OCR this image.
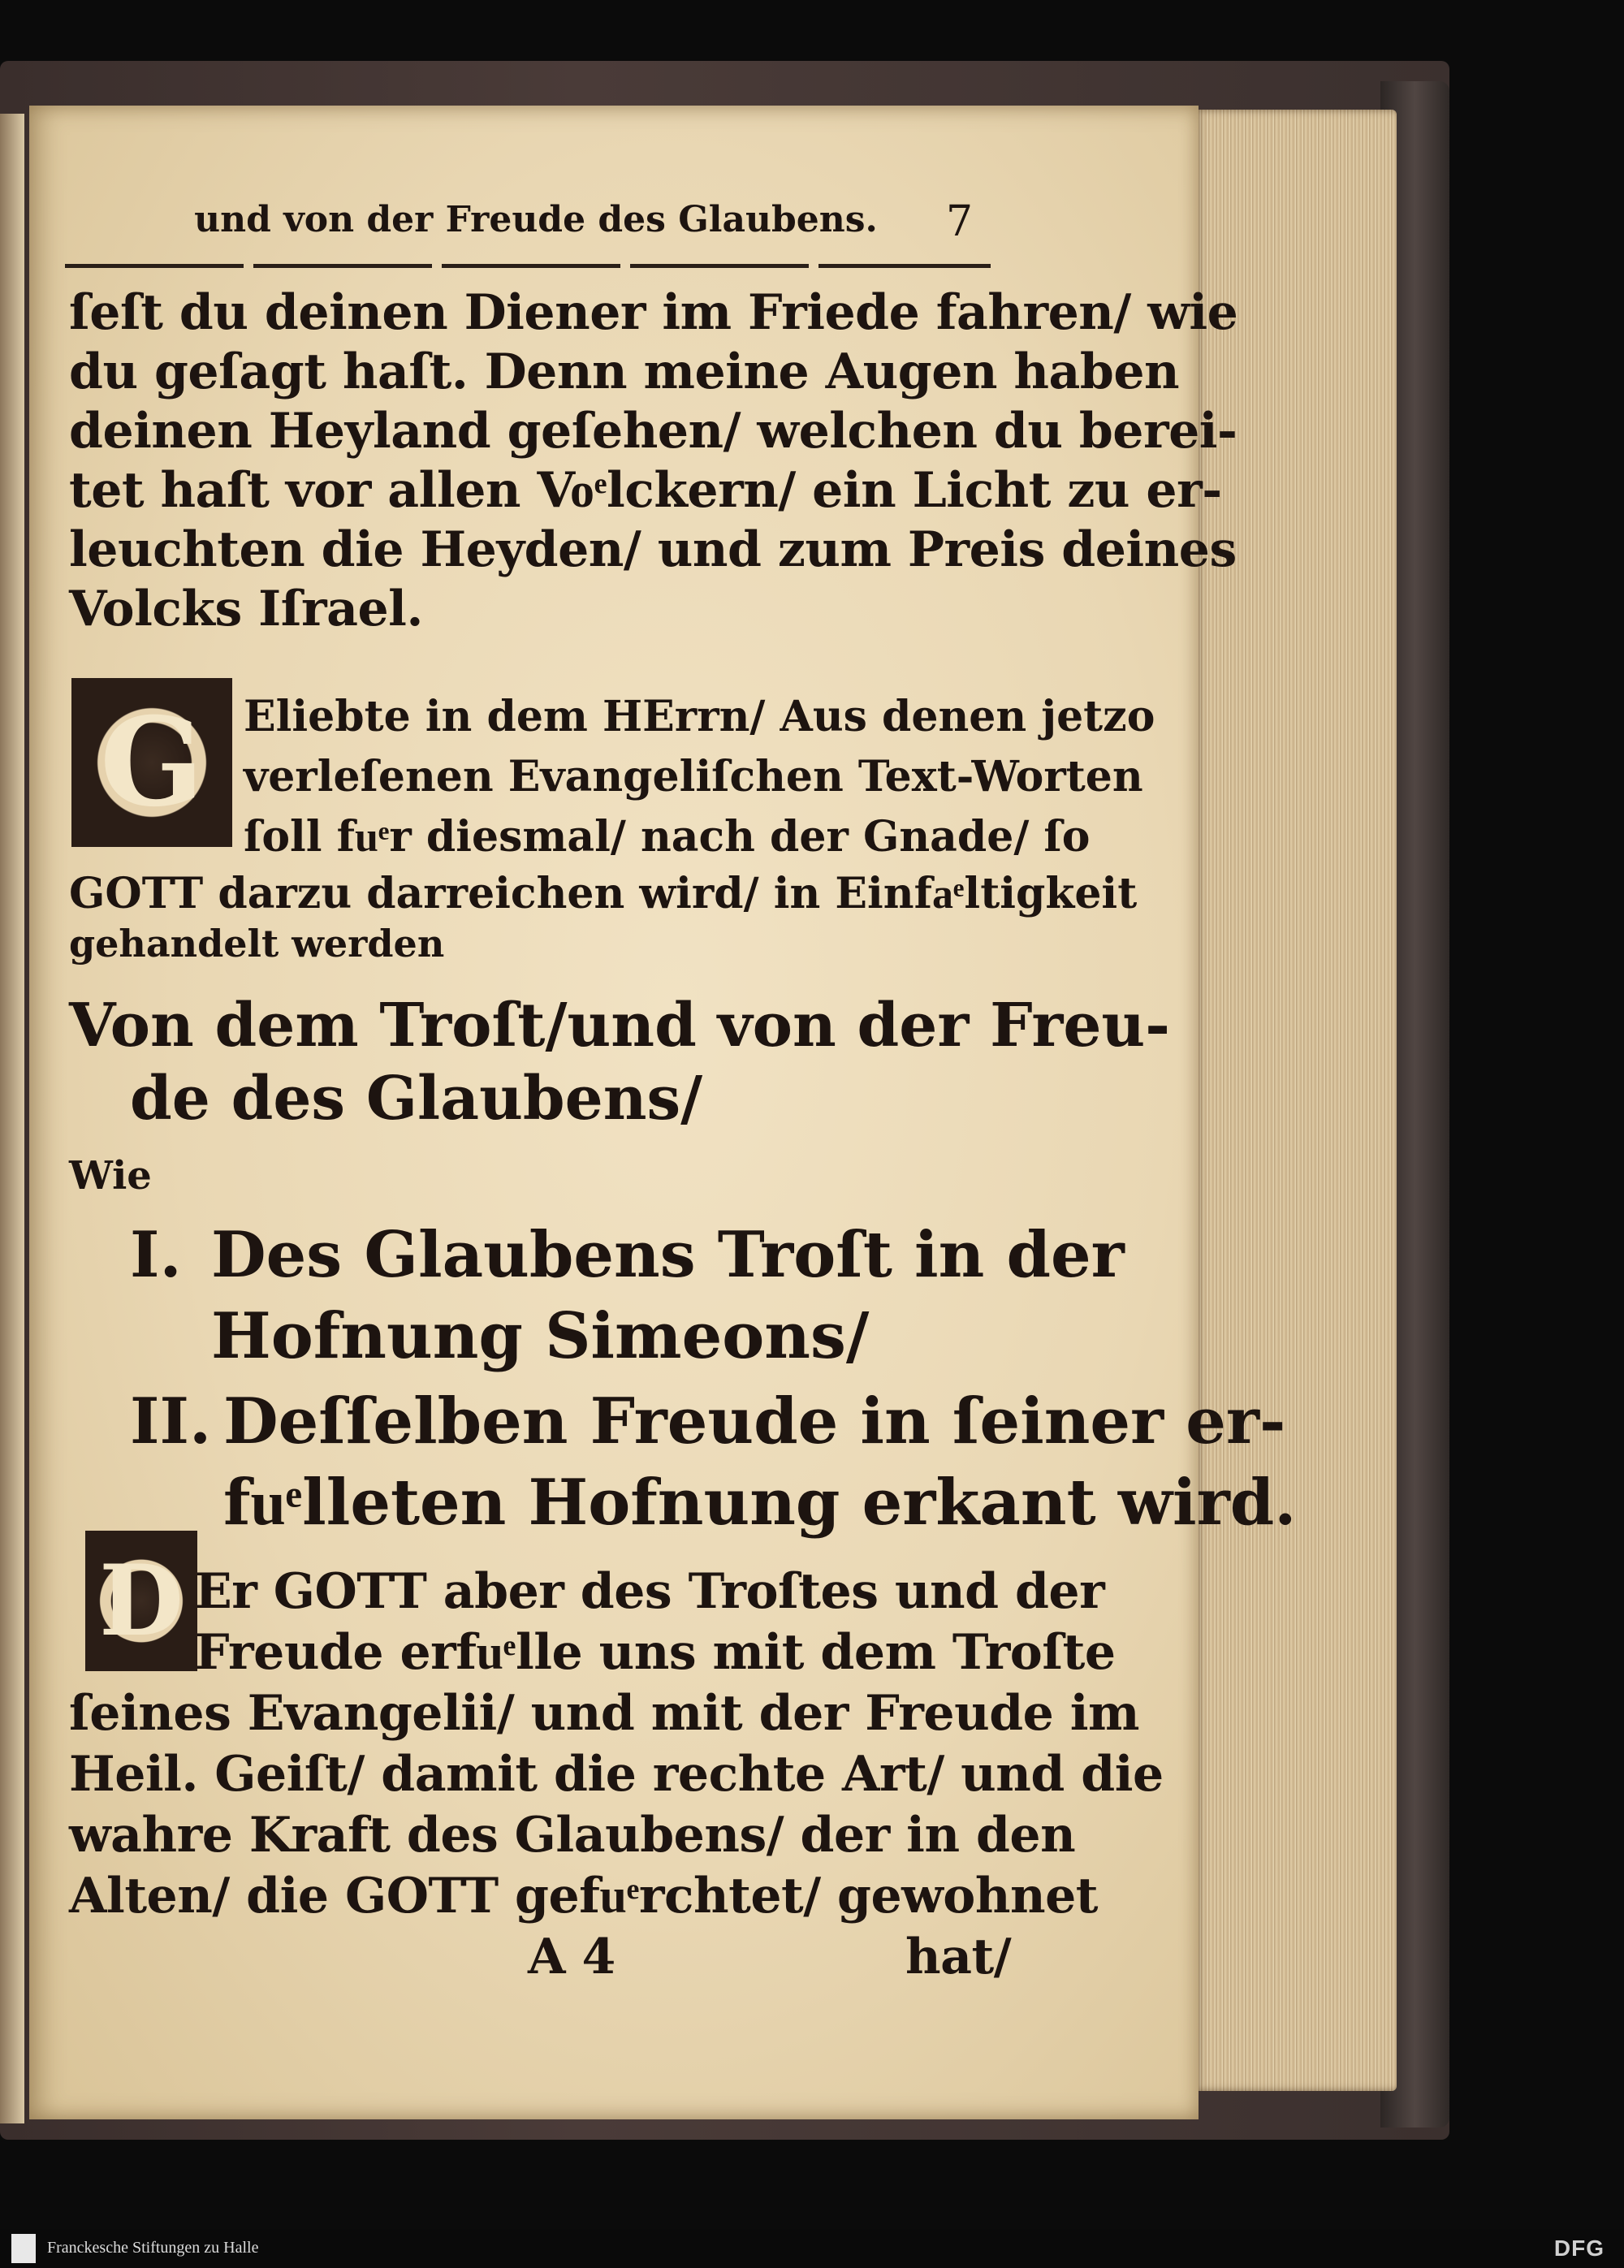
und von der Freude des Glaubens.	7
ſeſt du deinen Diener im Friede fahren/ wie
du geſagt haſt. Denn meine Augen haben
deinen Heyland geſehen/ welchen du berei-
tet haſt vor allen Voͤlckern/ ein Licht zu er-
leuchten die Heyden/ und zum Preis deines
Volcks Iſrael.
G Eliebte in dem HErrn/ Aus denen jetzo
verleſenen Evangeliſchen Text-Worten
ſoll fuͤr diesmal/ nach der Gnade/ ſo
GOTT darzu darreichen wird/ in Einfaͤltigkeit
gehandelt werden
Von dem Troſt/und von der Freu-
de des Glaubens/
Wie
I. Des Glaubens Troſt in der
Hofnung Simeons/
II. Deſſelben Freude in ſeiner er-
fuͤlleten Hofnung erkant wird.
D Er GOTT aber des Troſtes und der
Freude erfuͤlle uns mit dem Troſte
ſeines Evangelii/ und mit der Freude im
Heil. Geiſt/ damit die rechte Art/ und die
wahre Kraft des Glaubens/ der in den
Alten/ die GOTT gefuͤrchtet/ gewohnet
A 4	hat/
Franckesche Stiftungen zu Halle	DFG
